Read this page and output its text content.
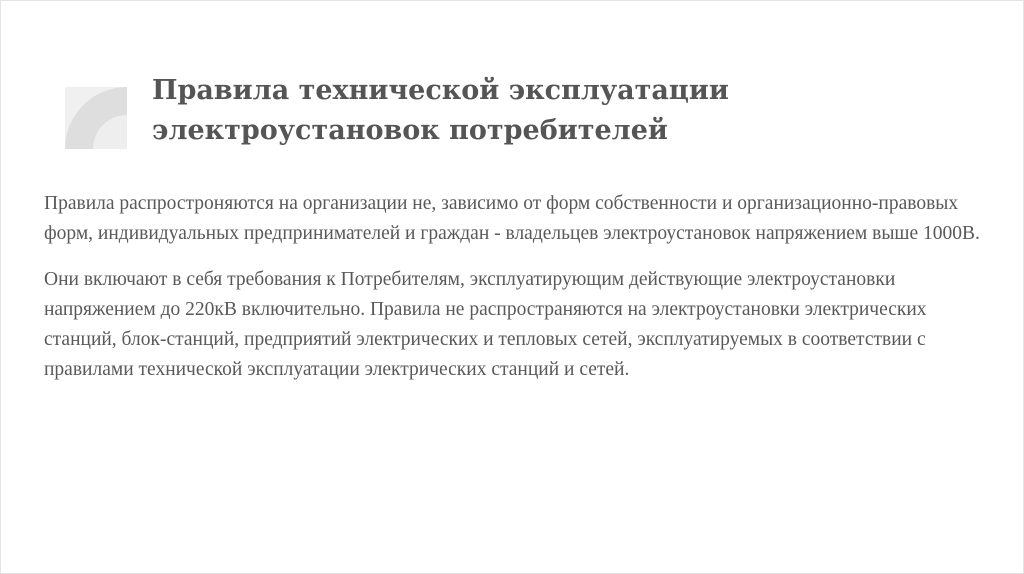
Правила технической эксплуатации
электроустановок потребителей

Правила распростроняются на организации не, зависимо от форм собственности и организационно-правовых форм, индивидуальных предпринимателей и граждан - владельцев электроустановок напряжением выше 1000В.

Они включают в себя требования к Потребителям, эксплуатирующим действующие электроустановки напряжением до 220кВ включительно. Правила не распространяются на электроустановки электрических станций, блок-станций, предприятий электрических и тепловых сетей, эксплуатируемых в соответствии с правилами технической эксплуатации электрических станций и сетей.
